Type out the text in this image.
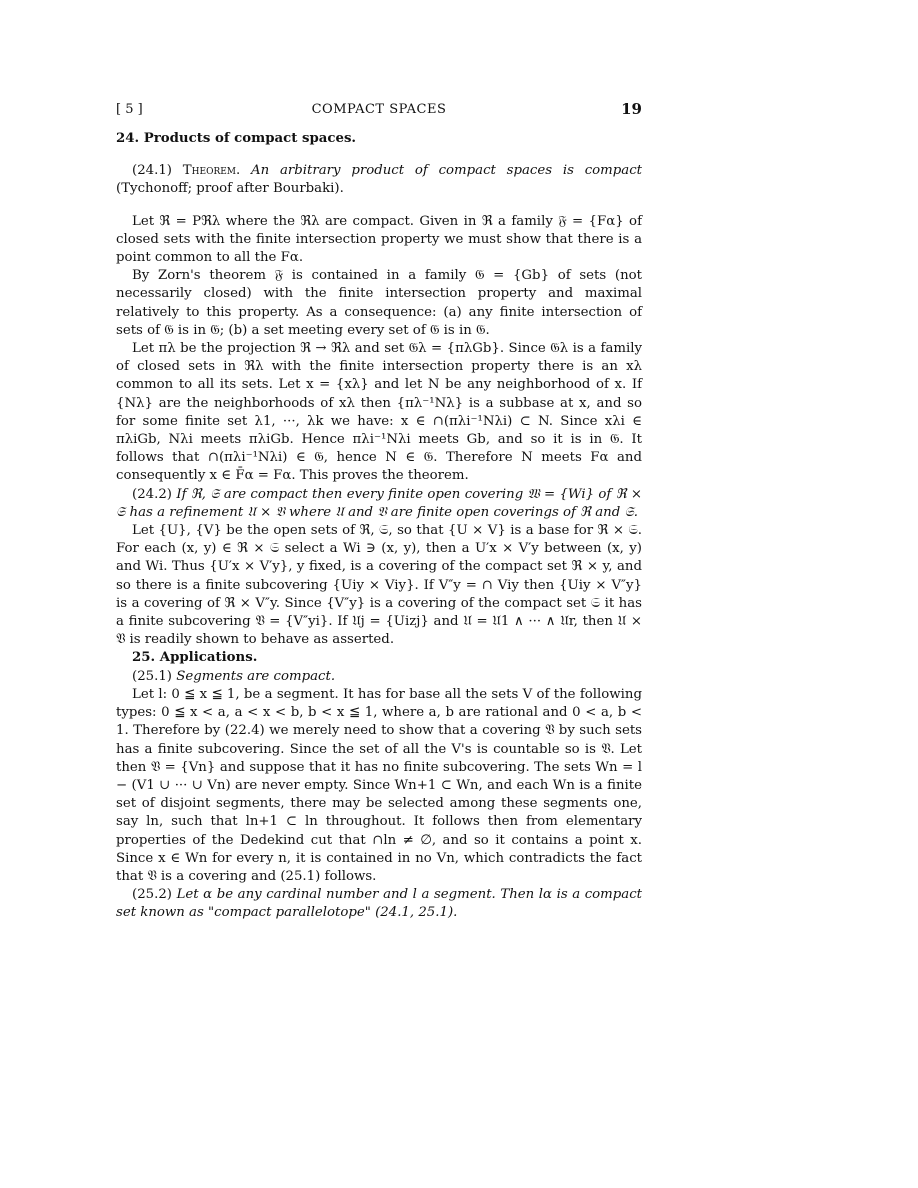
[ 5 ]	COMPACT SPACES	19

24. Products of compact spaces.

(24.1) Theorem. An arbitrary product of compact spaces is compact (Tychonoff; proof after Bourbaki).

Let ℜ = Pℜλ where the ℜλ are compact. Given in ℜ a family 𝔉 = {Fα} of closed sets with the finite intersection property we must show that there is a point common to all the Fα.

By Zorn's theorem 𝔉 is contained in a family 𝔊 = {Gb} of sets (not necessarily closed) with the finite intersection property and maximal relatively to this property. As a consequence: (a) any finite intersection of sets of 𝔊 is in 𝔊; (b) a set meeting every set of 𝔊 is in 𝔊.

Let πλ be the projection ℜ → ℜλ and set 𝔊λ = {πλGb}. Since 𝔊λ is a family of closed sets in ℜλ with the finite intersection property there is an xλ common to all its sets. Let x = {xλ} and let N be any neighborhood of x. If {Nλ} are the neighborhoods of xλ then {πλ⁻¹Nλ} is a subbase at x, and so for some finite set λ1, ···, λk we have: x ∈ ∩(πλi⁻¹Nλi) ⊂ N. Since xλi ∈ πλiGb, Nλi meets πλiGb. Hence πλi⁻¹Nλi meets Gb, and so it is in 𝔊. It follows that ∩(πλi⁻¹Nλi) ∈ 𝔊, hence N ∈ 𝔊. Therefore N meets Fα and consequently x ∈ F̄α = Fα. This proves the theorem.

(24.2) If ℜ, 𝔖 are compact then every finite open covering 𝔚 = {Wi} of ℜ × 𝔖 has a refinement 𝔘 × 𝔙 where 𝔘 and 𝔙 are finite open coverings of ℜ and 𝔖.

Let {U}, {V} be the open sets of ℜ, 𝔖, so that {U × V} is a base for ℜ × 𝔖. For each (x, y) ∈ ℜ × 𝔖 select a Wi ∋ (x, y), then a U′x × V′y between (x, y) and Wi. Thus {U′x × V′y}, y fixed, is a covering of the compact set ℜ × y, and so there is a finite subcovering {Uiy × Viy}. If V″y = ∩ Viy then {Uiy × V″y} is a covering of ℜ × V″y. Since {V″y} is a covering of the compact set 𝔖 it has a finite subcovering 𝔙 = {V″yi}. If 𝔘j = {Uizj} and 𝔘 = 𝔘1 ∧ ··· ∧ 𝔘r, then 𝔘 × 𝔙 is readily shown to behave as asserted.

25. Applications.

(25.1) Segments are compact.

Let l: 0 ≦ x ≦ 1, be a segment. It has for base all the sets V of the following types: 0 ≦ x < a, a < x < b, b < x ≦ 1, where a, b are rational and 0 < a, b < 1. Therefore by (22.4) we merely need to show that a covering 𝔙 by such sets has a finite subcovering. Since the set of all the V's is countable so is 𝔙. Let then 𝔙 = {Vn} and suppose that it has no finite subcovering. The sets Wn = l − (V1 ∪ ··· ∪ Vn) are never empty. Since Wn+1 ⊂ Wn, and each Wn is a finite set of disjoint segments, there may be selected among these segments one, say ln, such that ln+1 ⊂ ln throughout. It follows then from elementary properties of the Dedekind cut that ∩ln ≠ ∅, and so it contains a point x. Since x ∈ Wn for every n, it is contained in no Vn, which contradicts the fact that 𝔙 is a covering and (25.1) follows.

(25.2) Let α be any cardinal number and l a segment. Then lα is a compact set known as "compact parallelotope" (24.1, 25.1).
